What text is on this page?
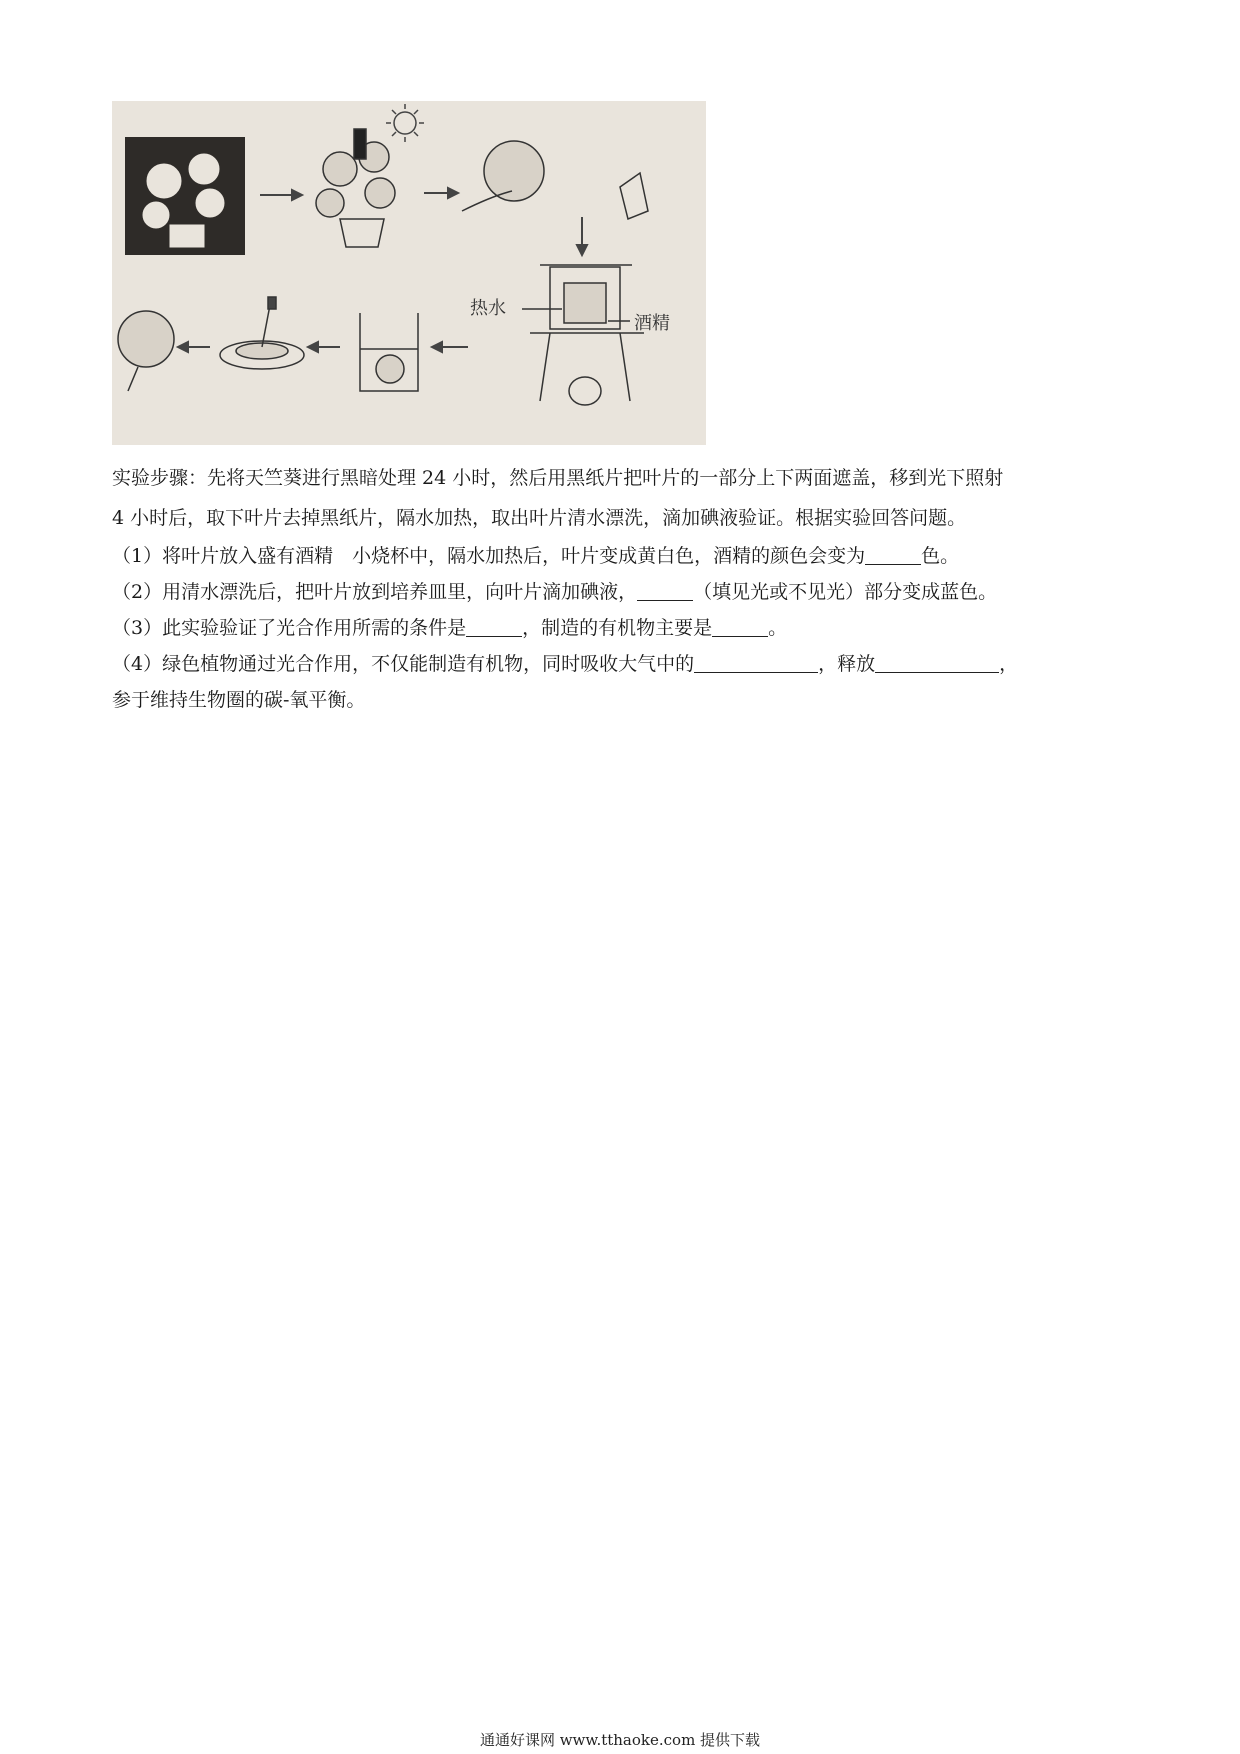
热水
酒精

实验步骤：先将天竺葵进行黑暗处理 24 小时，然后用黑纸片把叶片的一部分上下两面遮盖，移到光下照射

4 小时后，取下叶片去掉黑纸片，隔水加热，取出叶片清水漂洗，滴加碘液验证。根据实验回答问题。

（1）将叶片放入盛有酒精　小烧杯中，隔水加热后，叶片变成黄白色，酒精的颜色会变为	色。

（2）用清水漂洗后，把叶片放到培养皿里，向叶片滴加碘液，	（填见光或不见光）部分变成蓝色。

（3）此实验验证了光合作用所需的条件是	，制造的有机物主要是	。

（4）绿色植物通过光合作用，不仅能制造有机物，同时吸收大气中的	，释放	，

参于维持生物圈的碳-氧平衡。

通通好课网 www.tthaoke.com 提供下载
